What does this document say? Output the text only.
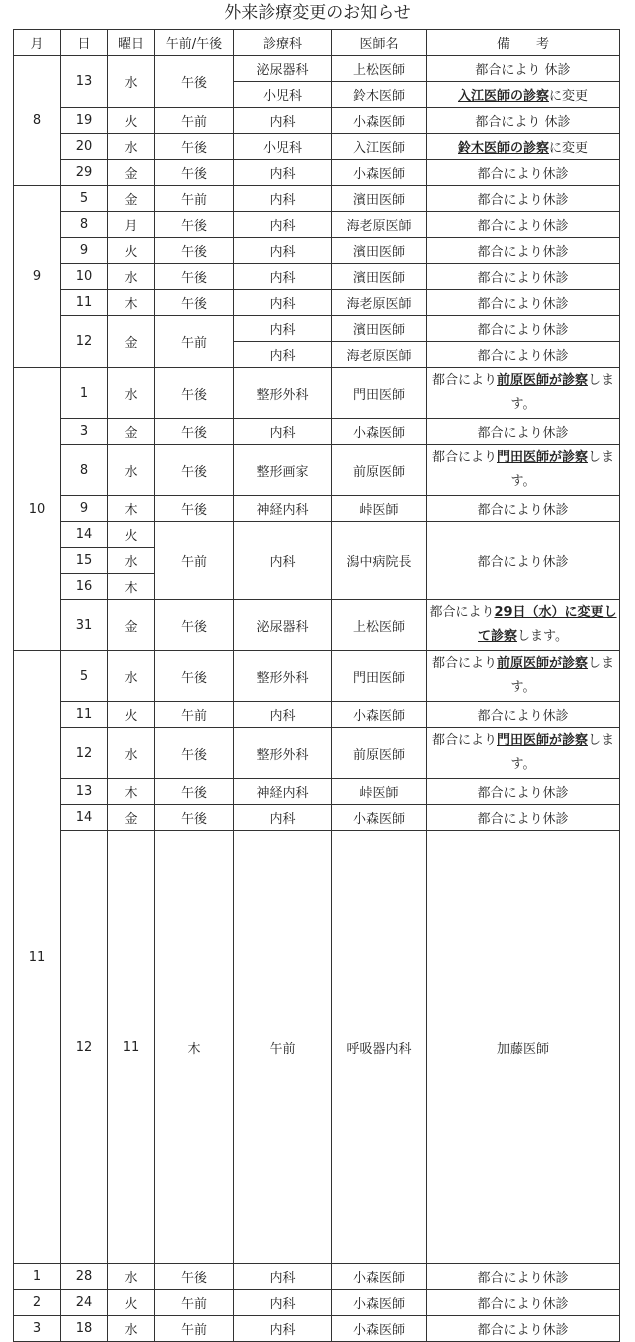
外来診療変更のお知らせ
月	日	曜日	午前/午後	診療科	医師名	備　　考	
8	13	水	午後	泌尿器科	上松医師	都合により 休診	
				小児科	鈴木医師	入江医師の診察に変更	
	19	火	午前	内科	小森医師	都合により 休診	
	20	水	午後	小児科	入江医師	鈴木医師の診察に変更	
	29	金	午後	内科	小森医師	都合により休診	
9	5	金	午前	内科	濱田医師	都合により休診	
	8	月	午後	内科	海老原医師	都合により休診	
	9	火	午後	内科	濱田医師	都合により休診	
	10	水	午後	内科	濱田医師	都合により休診	
	11	木	午後	内科	海老原医師	都合により休診	
	12	金	午前	内科	濱田医師	都合により休診	
				内科	海老原医師	都合により休診	
10	1	水	午後	整形外科	門田医師	都合により前原医師が診察します。	
	3	金	午後	内科	小森医師	都合により休診	
	8	水	午後	整形画家	前原医師	都合により門田医師が診察します。	
	9	木	午後	神経内科	峠医師	都合により休診	
	14	火	午前	内科	潟中病院長	都合により休診	
	15	水					
	16	木					
	31	金	午後	泌尿器科	上松医師	都合により29日（水）に変更して診察します。	
11	5	水	午後	整形外科	門田医師	都合により前原医師が診察します。	
	11	火	午前	内科	小森医師	都合により休診	
	12	水	午後	整形外科	前原医師	都合により門田医師が診察します。	
	13	木	午後	神経内科	峠医師	都合により休診	
	14	金	午後	内科	小森医師	都合により休診	
	12	11	木	午前	呼吸器内科	加藤医師	
1	28	水	午後	内科	小森医師	都合により休診	
2	24	火	午前	内科	小森医師	都合により休診	
3	18	水	午前	内科	小森医師	都合により休診	
